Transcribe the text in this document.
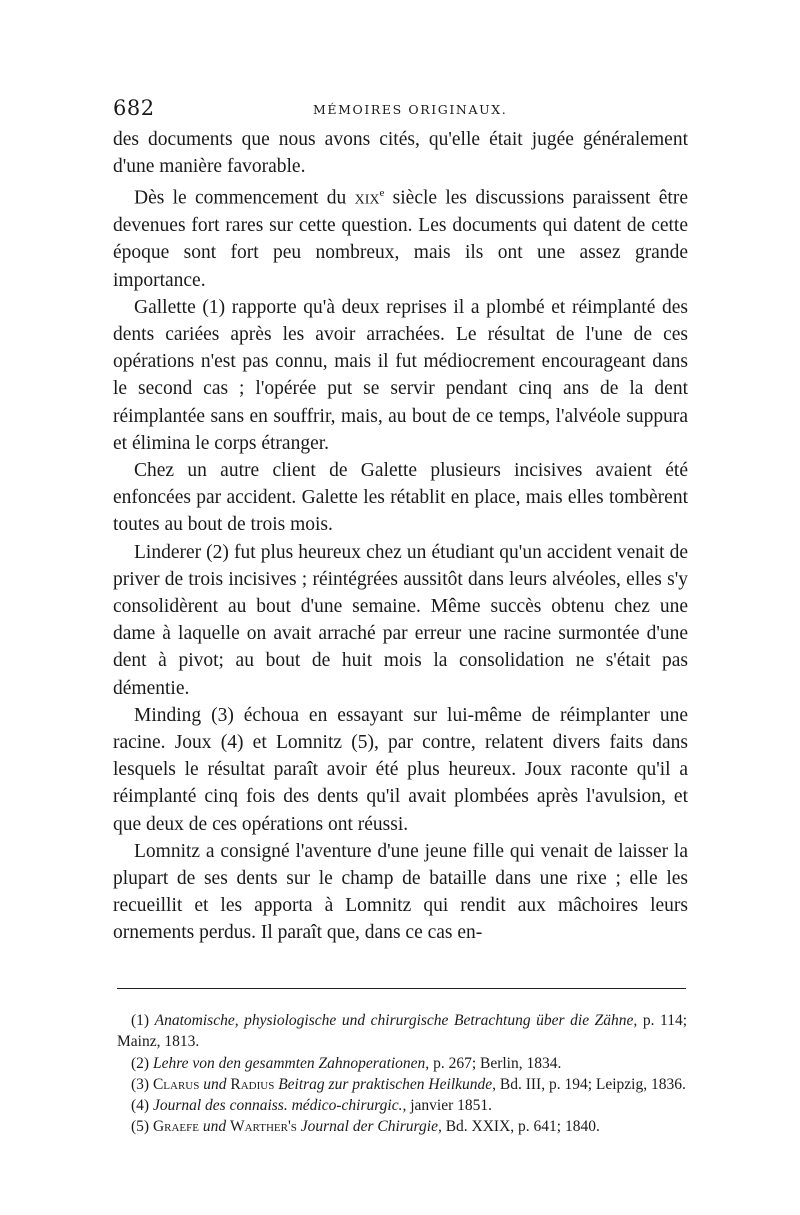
682	MÉMOIRES ORIGINAUX.

des documents que nous avons cités, qu'elle était jugée généralement d'une manière favorable.

Dès le commencement du xix$^e$ siècle les discussions paraissent être devenues fort rares sur cette question. Les documents qui datent de cette époque sont fort peu nombreux, mais ils ont une assez grande importance.

Gallette (1) rapporte qu'à deux reprises il a plombé et réimplanté des dents cariées après les avoir arrachées. Le résultat de l'une de ces opérations n'est pas connu, mais il fut médiocrement encourageant dans le second cas ; l'opérée put se servir pendant cinq ans de la dent réimplantée sans en souffrir, mais, au bout de ce temps, l'alvéole suppura et élimina le corps étranger.

Chez un autre client de Galette plusieurs incisives avaient été enfoncées par accident. Galette les rétablit en place, mais elles tombèrent toutes au bout de trois mois.

Linderer (2) fut plus heureux chez un étudiant qu'un accident venait de priver de trois incisives ; réintégrées aussitôt dans leurs alvéoles, elles s'y consolidèrent au bout d'une semaine. Même succès obtenu chez une dame à laquelle on avait arraché par erreur une racine surmontée d'une dent à pivot; au bout de huit mois la consolidation ne s'était pas démentie.

Minding (3) échoua en essayant sur lui-même de réimplanter une racine. Joux (4) et Lomnitz (5), par contre, relatent divers faits dans lesquels le résultat paraît avoir été plus heureux. Joux raconte qu'il a réimplanté cinq fois des dents qu'il avait plombées après l'avulsion, et que deux de ces opérations ont réussi.

Lomnitz a consigné l'aventure d'une jeune fille qui venait de laisser la plupart de ses dents sur le champ de bataille dans une rixe ; elle les recueillit et les apporta à Lomnitz qui rendit aux mâchoires leurs ornements perdus. Il paraît que, dans ce cas en-

(1) Anatomische, physiologische und chirurgische Betrachtung über die Zähne, p. 114; Mainz, 1813.

(2) Lehre von den gesammten Zahnoperationen, p. 267; Berlin, 1834.

(3) Clarus und Radius Beitrag zur praktischen Heilkunde, Bd. III, p. 194; Leipzig, 1836.

(4) Journal des connaiss. médico-chirurgic., janvier 1851.

(5) Graefe und Warther's Journal der Chirurgie, Bd. XXIX, p. 641; 1840.
